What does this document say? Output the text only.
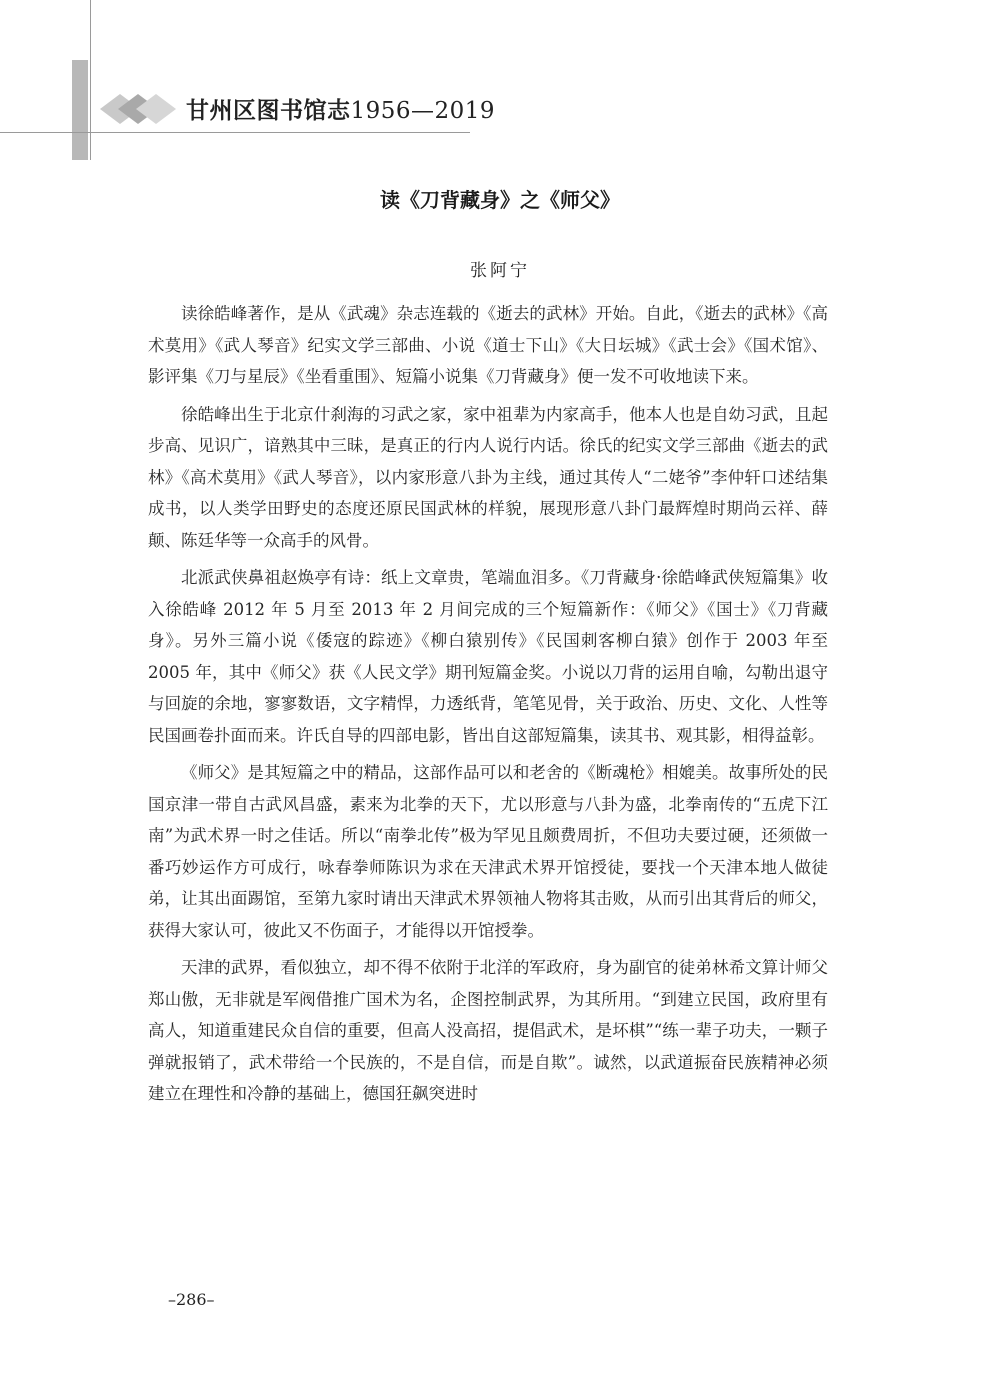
甘州区图书馆志1956—2019
读《刀背藏身》之《师父》
张阿宁

读徐皓峰著作，是从《武魂》杂志连载的《逝去的武林》开始。自此，《逝去的武林》《高术莫用》《武人琴音》纪实文学三部曲、小说《道士下山》《大日坛城》《武士会》《国术馆》、影评集《刀与星辰》《坐看重围》、短篇小说集《刀背藏身》便一发不可收地读下来。

徐皓峰出生于北京什刹海的习武之家，家中祖辈为内家高手，他本人也是自幼习武，且起步高、见识广，谙熟其中三昧，是真正的行内人说行内话。徐氏的纪实文学三部曲《逝去的武林》《高术莫用》《武人琴音》，以内家形意八卦为主线，通过其传人“二姥爷”李仲轩口述结集成书，以人类学田野史的态度还原民国武林的样貌，展现形意八卦门最辉煌时期尚云祥、薛颠、陈廷华等一众高手的风骨。

北派武侠鼻祖赵焕亭有诗：纸上文章贵，笔端血泪多。《刀背藏身·徐皓峰武侠短篇集》收入徐皓峰 2012 年 5 月至 2013 年 2 月间完成的三个短篇新作：《师父》《国士》《刀背藏身》。另外三篇小说《倭寇的踪迹》《柳白猿别传》《民国刺客柳白猿》创作于 2003 年至 2005 年，其中《师父》获《人民文学》期刊短篇金奖。小说以刀背的运用自喻，勾勒出退守与回旋的余地，寥寥数语，文字精悍，力透纸背，笔笔见骨，关于政治、历史、文化、人性等民国画卷扑面而来。许氏自导的四部电影，皆出自这部短篇集，读其书、观其影，相得益彰。

《师父》是其短篇之中的精品，这部作品可以和老舍的《断魂枪》相媲美。故事所处的民国京津一带自古武风昌盛，素来为北拳的天下，尤以形意与八卦为盛，北拳南传的“五虎下江南”为武术界一时之佳话。所以“南拳北传”极为罕见且颇费周折，不但功夫要过硬，还须做一番巧妙运作方可成行，咏春拳师陈识为求在天津武术界开馆授徒，要找一个天津本地人做徒弟，让其出面踢馆，至第九家时请出天津武术界领袖人物将其击败，从而引出其背后的师父，获得大家认可，彼此又不伤面子，才能得以开馆授拳。

天津的武界，看似独立，却不得不依附于北洋的军政府，身为副官的徒弟林希文算计师父郑山傲，无非就是军阀借推广国术为名，企图控制武界，为其所用。“到建立民国，政府里有高人，知道重建民众自信的重要，但高人没高招，提倡武术，是坏棋”“练一辈子功夫，一颗子弹就报销了，武术带给一个民族的，不是自信，而是自欺”。诚然，以武道振奋民族精神必须建立在理性和冷静的基础上，德国狂飙突进时

–286–
